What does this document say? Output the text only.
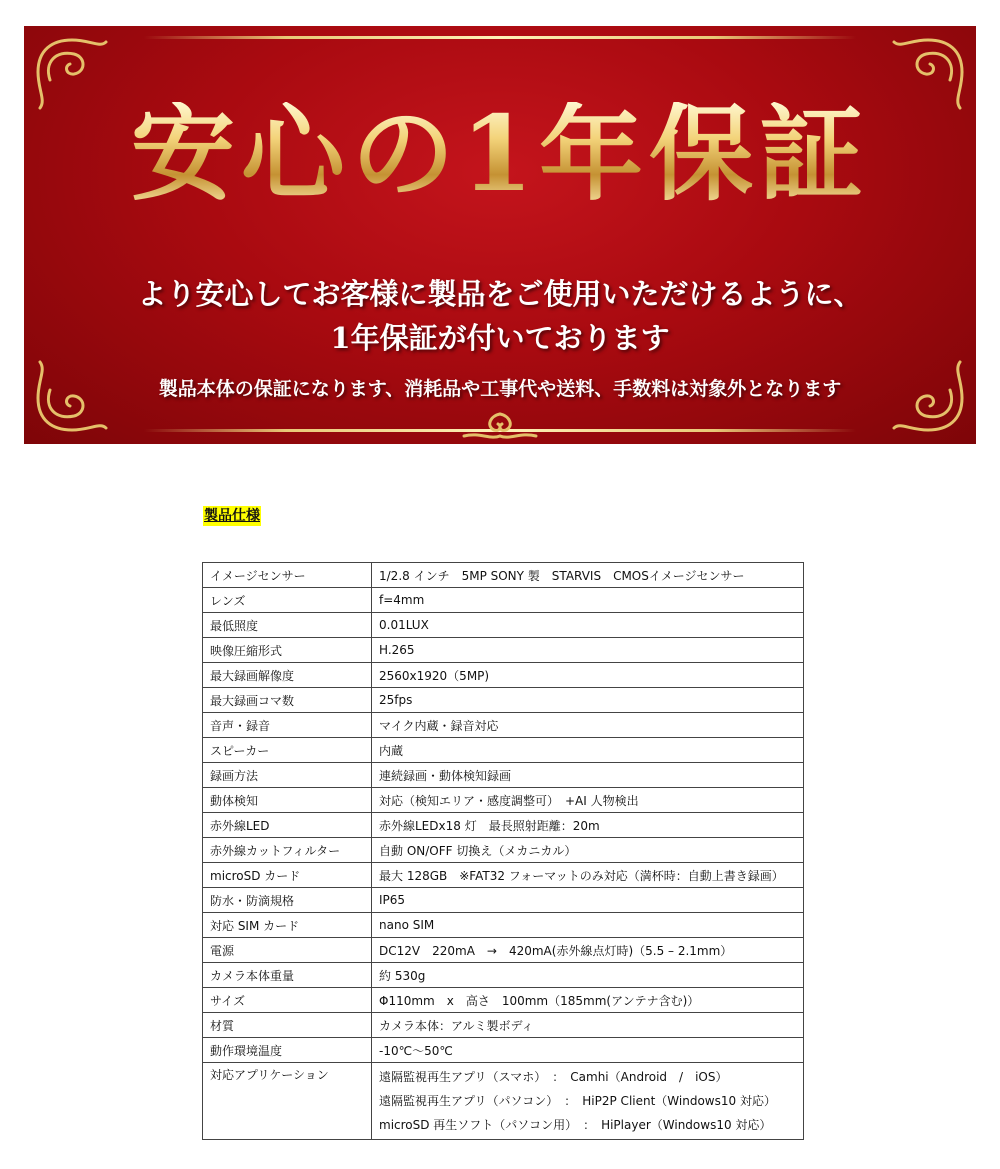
安心の1年保証
より安心してお客様に製品をご使用いただけるように、
1年保証が付いております
製品本体の保証になります、消耗品や工事代や送料、手数料は対象外となります
製品仕様
イメージセンサー	1/2.8 インチ　5MP SONY 製　STARVIS　CMOSイメージセンサー
レンズ	f=4mm
最低照度	0.01LUX
映像圧縮形式	H.265
最大録画解像度	2560x1920（5MP)
最大録画コマ数	25fps
音声・録音	マイク内蔵・録音対応
スピーカー	内蔵
録画方法	連続録画・動体検知録画
動体検知	対応（検知エリア・感度調整可）　+AI 人物検出
赤外線LED	赤外線LEDx18 灯　最長照射距離：20m
赤外線カットフィルター	自動 ON/OFF 切換え（メカニカル）
microSD カード	最大 128GB　※FAT32 フォーマットのみ対応（満杯時：自動上書き録画）
防水・防滴規格	IP65
対応 SIM カード	nano SIM
電源	DC12V　220mA　→　420mA(赤外線点灯時)（5.5 – 2.1mm）
カメラ本体重量	約 530g
サイズ	Φ110mm　x　高さ　100mm（185mm(アンテナ含む)）
材質	カメラ本体：アルミ製ボディ
動作環境温度	-10℃～50℃
対応アプリケーション	遠隔監視再生アプリ（スマホ）　：　Camhi（Android　/　iOS）
遠隔監視再生アプリ（パソコン）　：　HiP2P Client（Windows10 対応）
microSD 再生ソフト（パソコン用）　：　HiPlayer（Windows10 対応）
